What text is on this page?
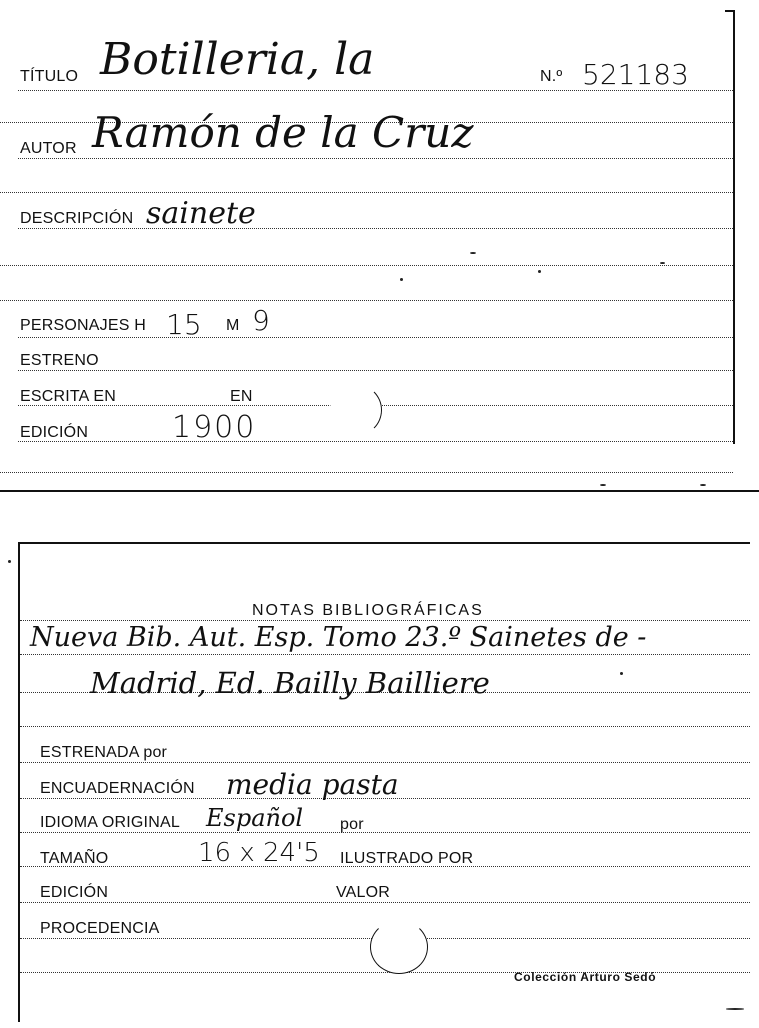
TÍTULO Botilleria, la	N.º 521183
AUTOR Ramón de la Cruz
DESCRIPCIÓN sainete
PERSONAJES H 15 M 9
ESTRENO
ESCRITA EN	EN
EDICIÓN	1900
NOTAS BIBLIOGRÁFICAS
Nueva Bib. Aut. Esp. Tomo 23.º Sainetes de -
Madrid, Ed. Bailly Bailliere
ESTRENADA por
ENCUADERNACIÓN media pasta
IDIOMA ORIGINAL Español por
TAMAÑO	16 x 24'5 ILUSTRADO POR
EDICIÓN	VALOR
PROCEDENCIA
Colección Arturo Sedó
